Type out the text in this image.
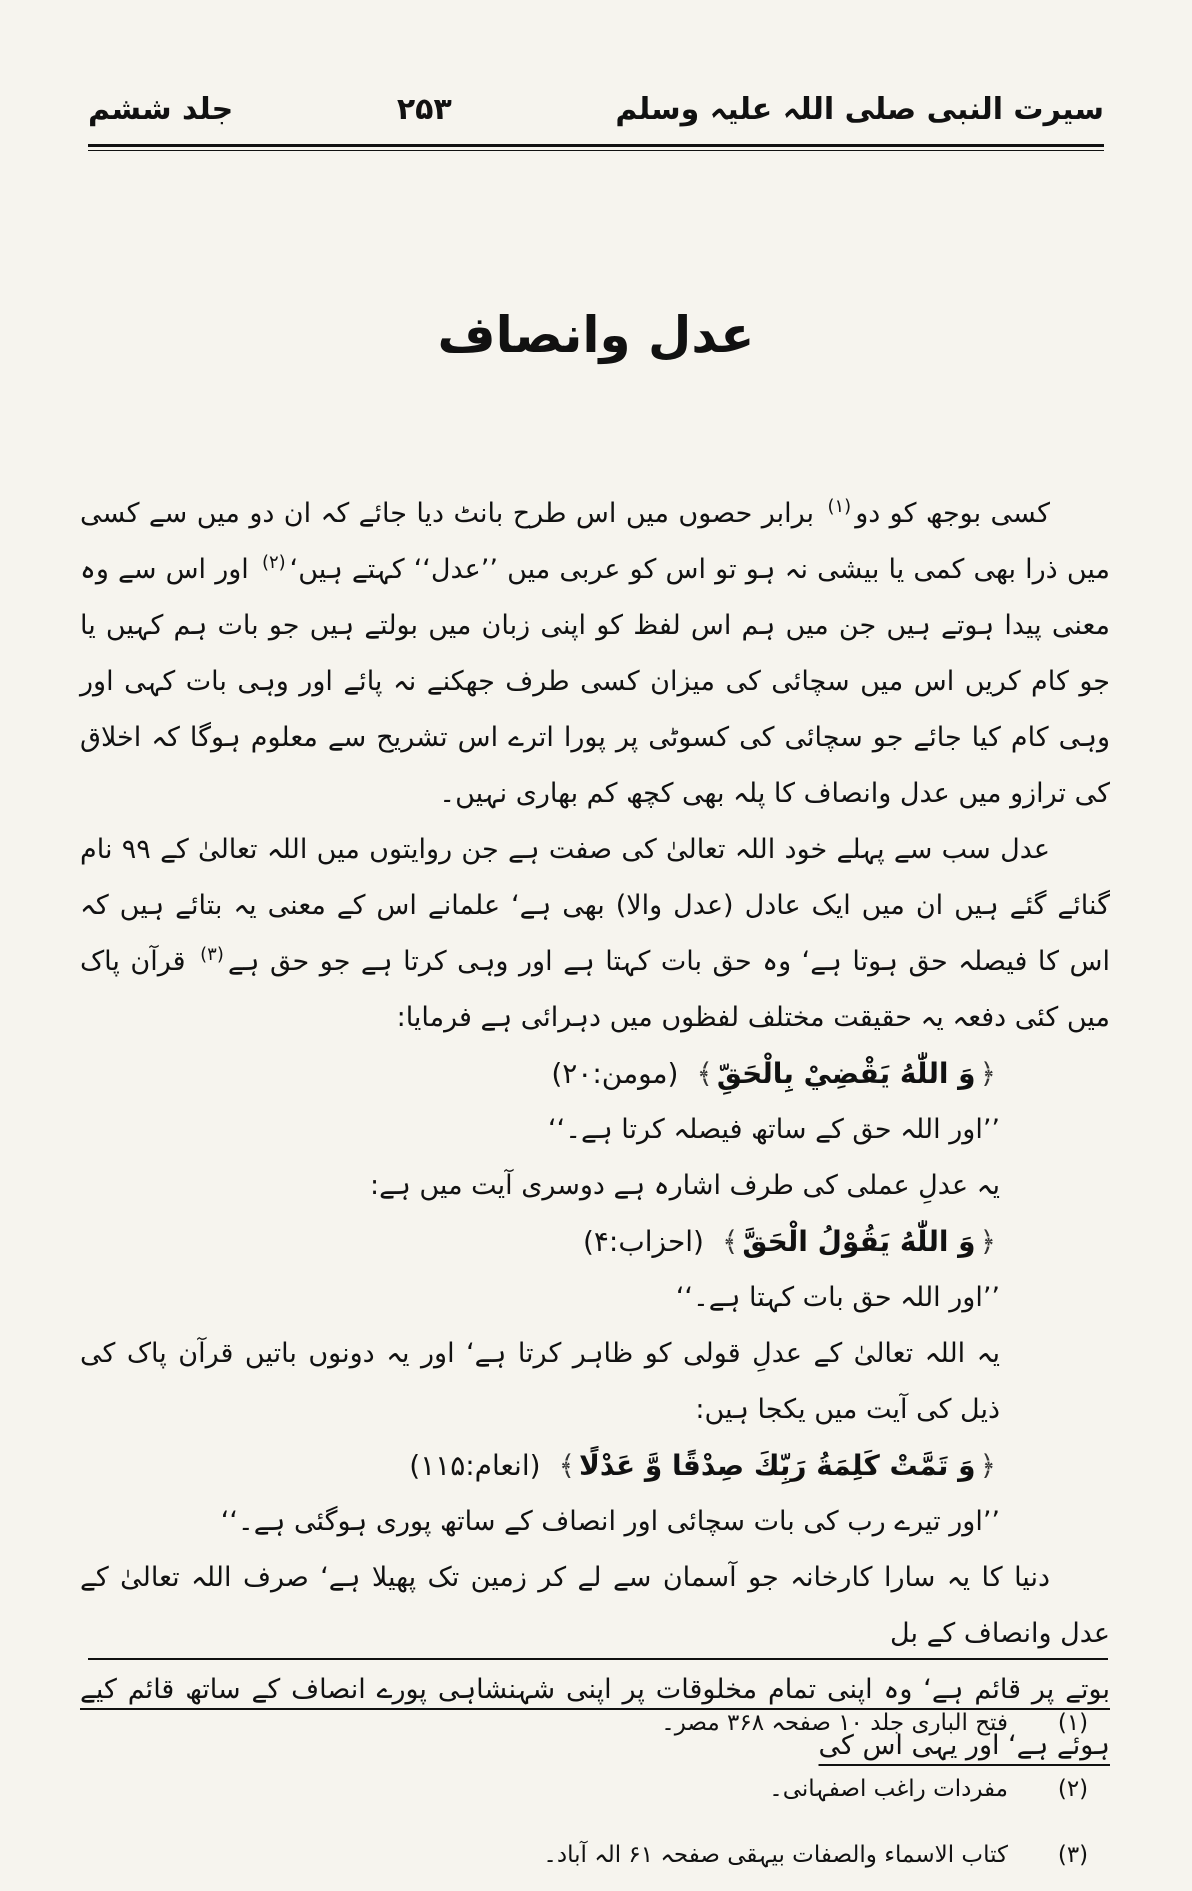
سیرت النبی صلی اللہ علیہ وسلم
۲۵۳
جلد ششم
عدل وانصاف

کسی بوجھ کو دو$^{(۱)}$ برابر حصوں میں اس طرح بانٹ دیا جائے کہ ان دو میں سے کسی میں ذرا بھی کمی یا بیشی نہ ہو تو اس کو عربی میں ’’عدل‘‘ کہتے ہیں‘$^{(۲)}$ اور اس سے وہ معنی پیدا ہوتے ہیں جن میں ہم اس لفظ کو اپنی زبان میں بولتے ہیں جو بات ہم کہیں یا جو کام کریں اس میں سچائی کی میزان کسی طرف جھکنے نہ پائے اور وہی بات کہی اور وہی کام کیا جائے جو سچائی کی کسوٹی پر پورا اترے اس تشریح سے معلوم ہوگا کہ اخلاق کی ترازو میں عدل وانصاف کا پلہ بھی کچھ کم بھاری نہیں۔

عدل سب سے پہلے خود اللہ تعالیٰ کی صفت ہے جن روایتوں میں اللہ تعالیٰ کے ۹۹ نام گنائے گئے ہیں ان میں ایک عادل (عدل والا) بھی ہے‘ علمانے اس کے معنی یہ بتائے ہیں کہ اس کا فیصلہ حق ہوتا ہے‘ وہ حق بات کہتا ہے اور وہی کرتا ہے جو حق ہے$^{(۳)}$ قرآن پاک میں کئی دفعہ یہ حقیقت مختلف لفظوں میں دہرائی ہے فرمایا:

﴿وَ اللّٰهُ يَقْضِيْ بِالْحَقِّ﴾(مومن:۲۰)

’’اور اللہ حق کے ساتھ فیصلہ کرتا ہے۔‘‘

یہ عدلِ عملی کی طرف اشارہ ہے دوسری آیت میں ہے:

﴿وَ اللّٰهُ يَقُوْلُ الْحَقَّ﴾(احزاب:۴)

’’اور اللہ حق بات کہتا ہے۔‘‘

یہ اللہ تعالیٰ کے عدلِ قولی کو ظاہر کرتا ہے‘ اور یہ دونوں باتیں قرآن پاک کی ذیل کی آیت میں یکجا ہیں:

﴿وَ تَمَّتْ كَلِمَةُ رَبِّكَ صِدْقًا وَّ عَدْلًا﴾(انعام:۱۱۵)

’’اور تیرے رب کی بات سچائی اور انصاف کے ساتھ پوری ہوگئی ہے۔‘‘

دنیا کا یہ سارا کارخانہ جو آسمان سے لے کر زمین تک پھیلا ہے‘ صرف اللہ تعالیٰ کے عدل وانصاف کے بل

بوتے پر قائم ہے‘ وہ اپنی تمام مخلوقات پر اپنی شہنشاہی پورے انصاف کے ساتھ قائم کیے ہوئے ہے‘ اور یہی اس کی

(۱)
فتح الباری جلد ۱۰ صفحہ ۳۶۸ مصر۔
(۲)
مفردات راغب اصفہانی۔
(۳)
کتاب الاسماء والصفات بیہقی صفحہ ۶۱ الہ آباد۔
